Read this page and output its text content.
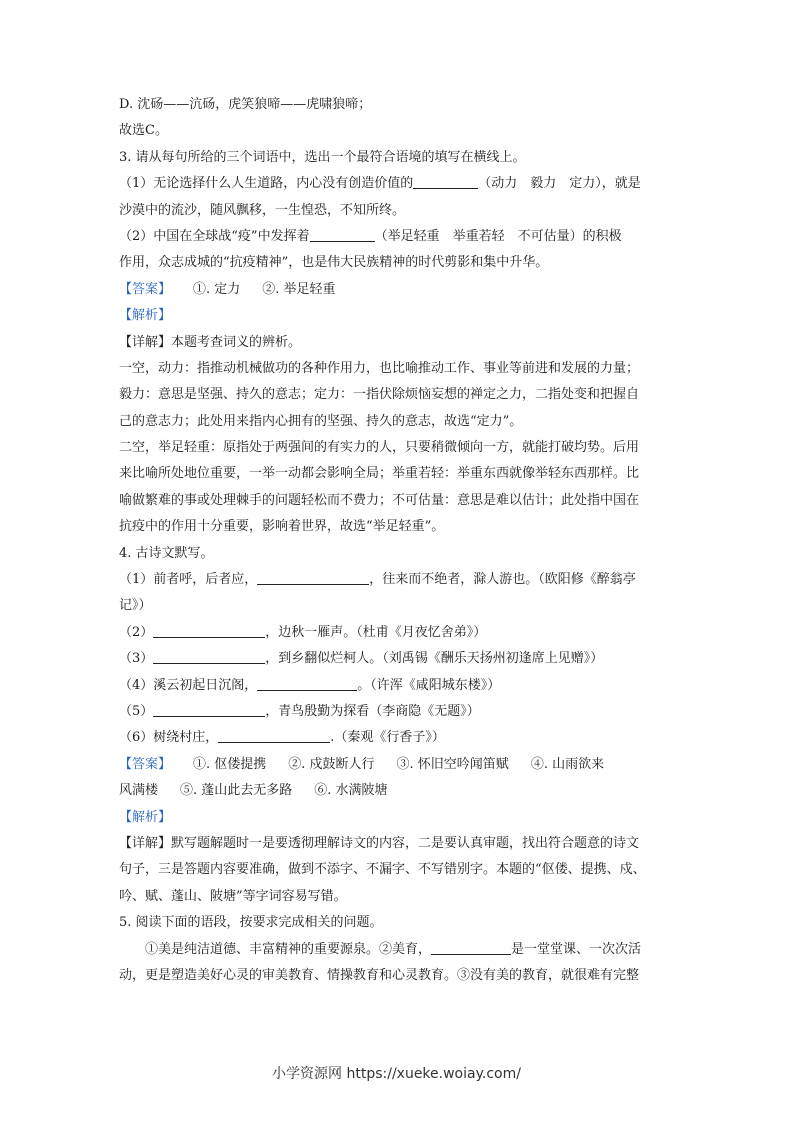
D. 沈砀——沆砀，虎笑狼啼——虎啸狼啼；
故选C。
3. 请从每句所给的三个词语中，选出一个最符合语境的填写在横线上。
（1）无论选择什么人生道路，内心没有创造价值的	（动力　毅力　定力），就是
沙漠中的流沙，随风飘移，一生惶恐，不知所终。
（2）中国在全球战“疫”中发挥着	（举足轻重　举重若轻　不可估量）的积极
作用，众志成城的“抗疫精神”，也是伟大民族精神的时代剪影和集中升华。
【答案】 ①. 定力 ②. 举足轻重
【解析】
【详解】本题考查词义的辨析。
一空，动力：指推动机械做功的各种作用力，也比喻推动工作、事业等前进和发展的力量；
毅力：意思是坚强、持久的意志；定力：一指伏除烦恼妄想的禅定之力，二指处变和把握自
己的意志力；此处用来指内心拥有的坚强、持久的意志，故选“定力”。
二空，举足轻重：原指处于两强间的有实力的人，只要稍微倾向一方，就能打破均势。后用
来比喻所处地位重要，一举一动都会影响全局；举重若轻：举重东西就像举轻东西那样。比
喻做繁难的事或处理棘手的问题轻松而不费力；不可估量：意思是难以估计；此处指中国在
抗疫中的作用十分重要，影响着世界，故选“举足轻重”。
4. 古诗文默写。
（1）前者呼，后者应，	，往来而不绝者，滁人游也。（欧阳修《醉翁亭
记》）
（2）	，边秋一雁声。（杜甫《月夜忆舍弟》）
（3）	，到乡翻似烂柯人。（刘禹锡《酬乐天扬州初逢席上见赠》）
（4）溪云初起日沉阁，	。（许浑《咸阳城东楼》）
（5）	，青鸟殷勤为探看（李商隐《无题》）
（6）树绕村庄，	.（秦观《行香子》）
【答案】 ①. 伛偻提携 ②. 戍鼓断人行 ③. 怀旧空吟闻笛赋 ④. 山雨欲来
风满楼 ⑤. 蓬山此去无多路 ⑥. 水满陂塘
【解析】
【详解】默写题解题时一是要透彻理解诗文的内容，二是要认真审题，找出符合题意的诗文
句子，三是答题内容要准确，做到不添字、不漏字、不写错别字。本题的“伛偻、提携、戍、
吟、赋、蓬山、陂塘”等字词容易写错。
5. 阅读下面的语段，按要求完成相关的问题。
①美是纯洁道德、丰富精神的重要源泉。②美育，	是一堂堂课、一次次活
动，更是塑造美好心灵的审美教育、情操教育和心灵教育。③没有美的教育，就很难有完整
小学资源网 https://xueke.woiay.com/
